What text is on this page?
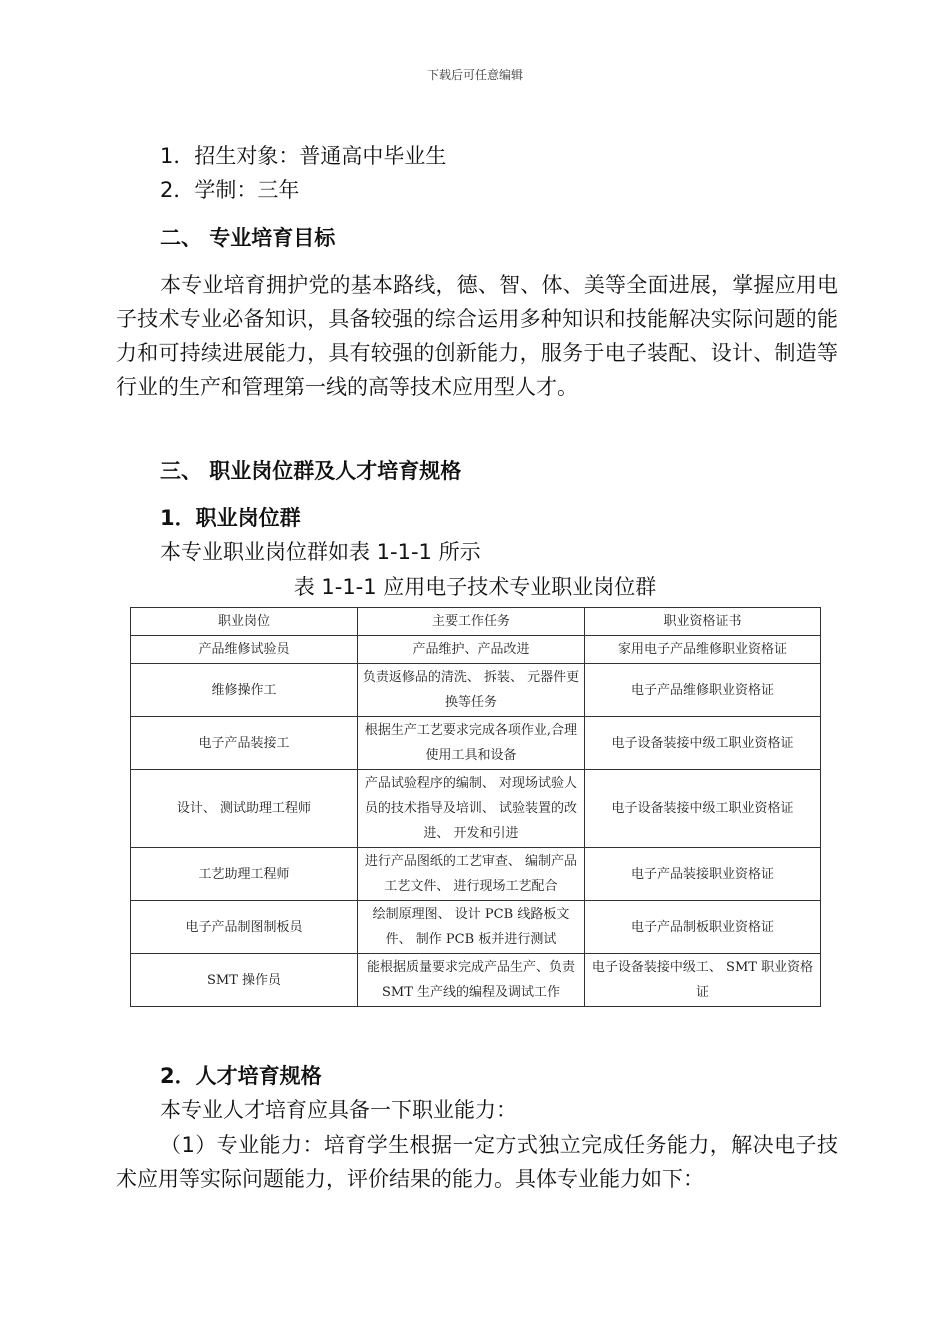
下载后可任意编辑
1．招生对象：普通高中毕业生
2．学制：三年
二、 专业培育目标
本专业培育拥护党的基本路线，德、智、体、美等全面进展，掌握应用电子技术专业必备知识，具备较强的综合运用多种知识和技能解决实际问题的能力和可持续进展能力，具有较强的创新能力，服务于电子装配、设计、制造等行业的生产和管理第一线的高等技术应用型人才。
三、 职业岗位群及人才培育规格
1．职业岗位群
本专业职业岗位群如表 1-1-1 所示
表 1-1-1 应用电子技术专业职业岗位群
职业岗位	主要工作任务	职业资格证书
产品维修试验员	产品维护、产品改进	家用电子产品维修职业资格证
维修操作工	负责返修品的清洗、 拆装、 元器件更换等任务	电子产品维修职业资格证
电子产品装接工	根据生产工艺要求完成各项作业,合理使用工具和设备	电子设备装接中级工职业资格证
设计、 测试助理工程师	产品试验程序的编制、 对现场试验人员的技术指导及培训、 试验装置的改进、 开发和引进	电子设备装接中级工职业资格证
工艺助理工程师	进行产品图纸的工艺审查、 编制产品工艺文件、 进行现场工艺配合	电子产品装接职业资格证
电子产品制图制板员	绘制原理图、 设计 PCB 线路板文件、 制作 PCB 板并进行测试	电子产品制板职业资格证
SMT 操作员	能根据质量要求完成产品生产、负责 SMT 生产线的编程及调试工作	电子设备装接中级工、 SMT 职业资格证
2．人才培育规格
本专业人才培育应具备一下职业能力：
（1）专业能力：培育学生根据一定方式独立完成任务能力，解决电子技术应用等实际问题能力，评价结果的能力。具体专业能力如下：
